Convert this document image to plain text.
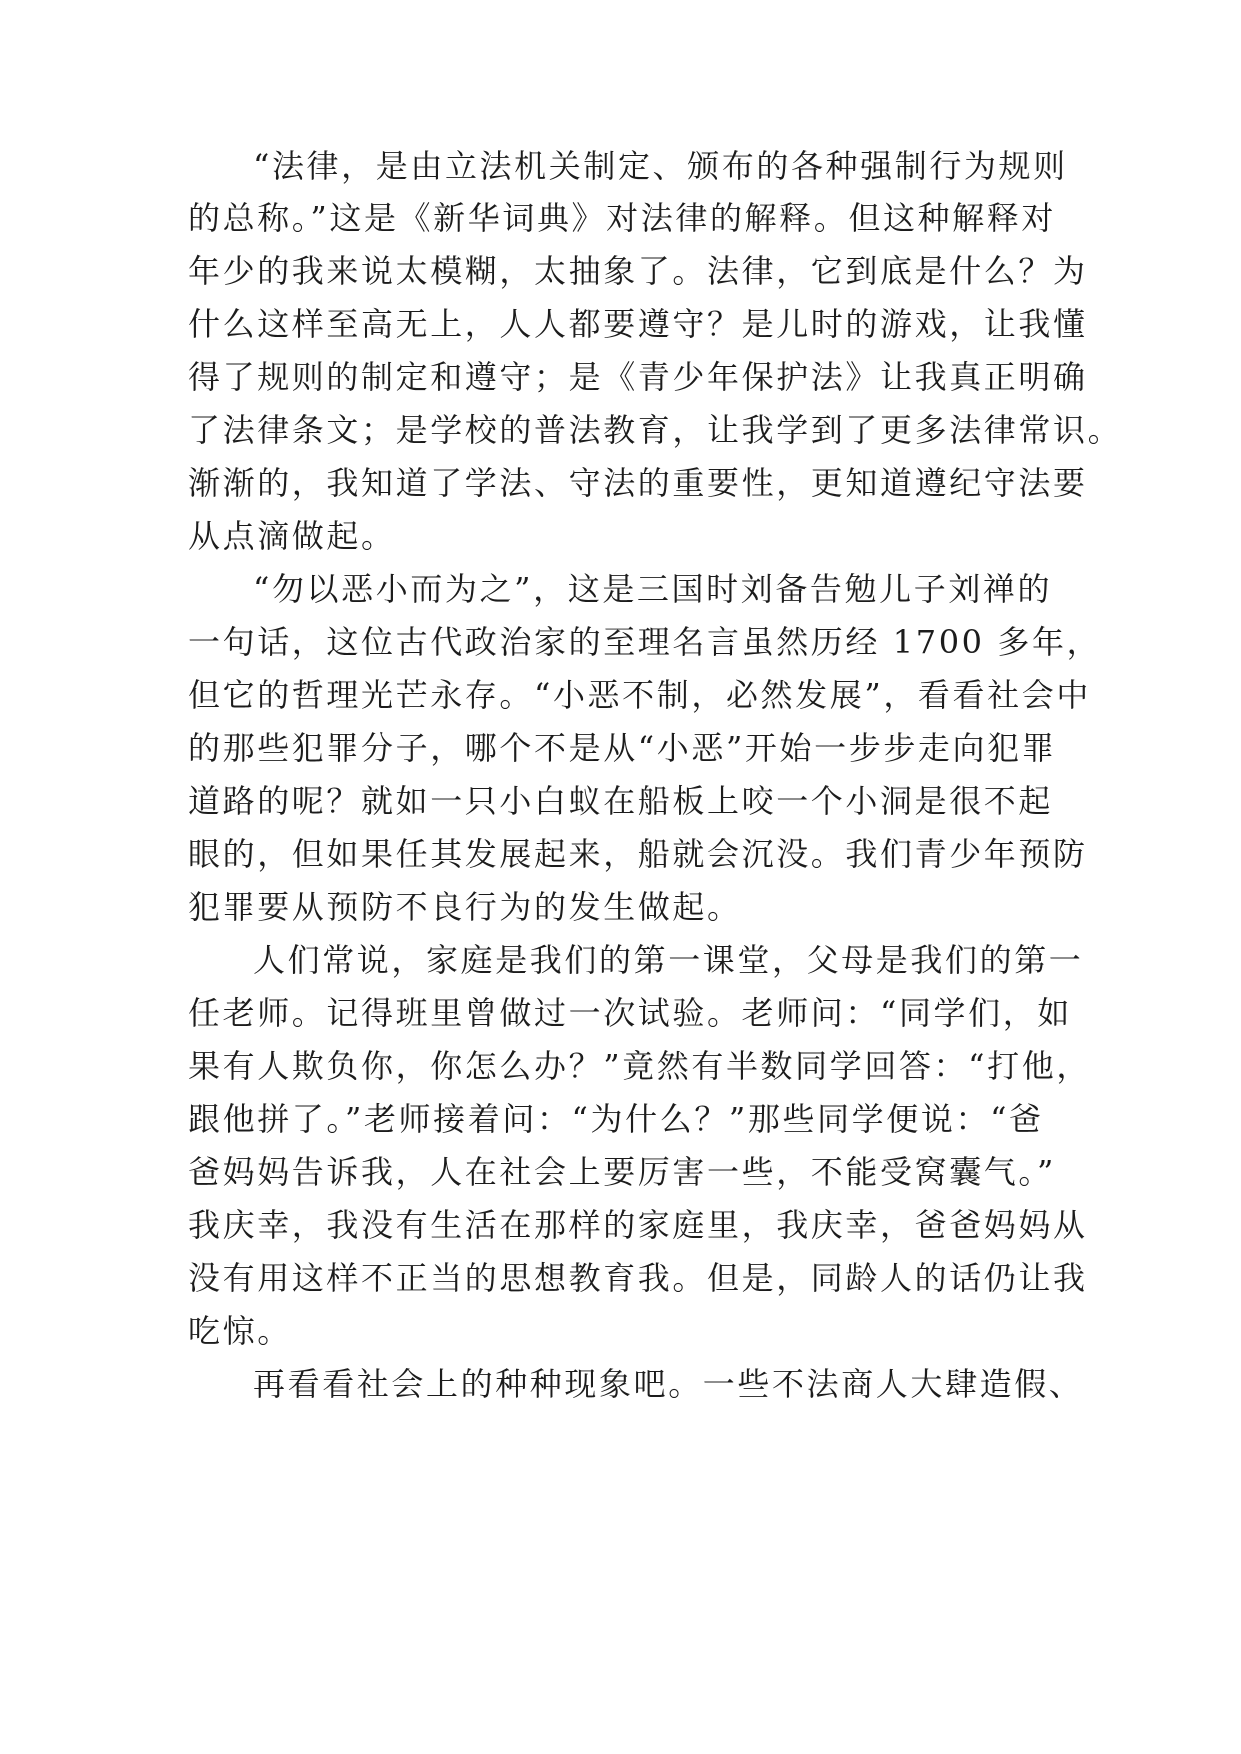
“法律，是由立法机关制定、颁布的各种强制行为规则

的总称。”这是《新华词典》对法律的解释。但这种解释对

年少的我来说太模糊，太抽象了。法律，它到底是什么？为

什么这样至高无上，人人都要遵守？是儿时的游戏，让我懂

得了规则的制定和遵守；是《青少年保护法》让我真正明确

了法律条文；是学校的普法教育，让我学到了更多法律常识。

渐渐的，我知道了学法、守法的重要性，更知道遵纪守法要

从点滴做起。

“勿以恶小而为之”，这是三国时刘备告勉儿子刘禅的

一句话，这位古代政治家的至理名言虽然历经 1700 多年，

但它的哲理光芒永存。“小恶不制，必然发展”，看看社会中

的那些犯罪分子，哪个不是从“小恶”开始一步步走向犯罪

道路的呢？就如一只小白蚁在船板上咬一个小洞是很不起

眼的，但如果任其发展起来，船就会沉没。我们青少年预防

犯罪要从预防不良行为的发生做起。

人们常说，家庭是我们的第一课堂，父母是我们的第一

任老师。记得班里曾做过一次试验。老师问：“同学们，如

果有人欺负你，你怎么办？”竟然有半数同学回答：“打他，

跟他拼了。”老师接着问：“为什么？”那些同学便说：“爸

爸妈妈告诉我，人在社会上要厉害一些，不能受窝囊气。”

我庆幸，我没有生活在那样的家庭里，我庆幸，爸爸妈妈从

没有用这样不正当的思想教育我。但是，同龄人的话仍让我

吃惊。

再看看社会上的种种现象吧。一些不法商人大肆造假、
